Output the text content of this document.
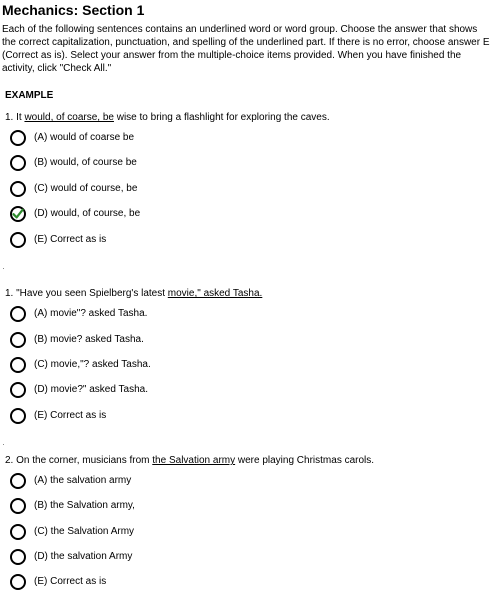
Mechanics: Section 1

Each of the following sentences contains an underlined word or word group. Choose the answer that shows the correct capitalization, punctuation, and spelling of the underlined part. If there is no error, choose answer E (Correct as is). Select your answer from the multiple-choice items provided. When you have finished the activity, click "Check All."

EXAMPLE
1. It would, of coarse, be wise to bring a flashlight for exploring the caves.
(A) would of coarse be
(B) would, of course be
(C) would of course, be
(D) would, of course, be
(E) Correct as is
1. "Have you seen Spielberg's latest movie," asked Tasha.
(A) movie"? asked Tasha.
(B) movie? asked Tasha.
(C) movie,"? asked Tasha.
(D) movie?" asked Tasha.
(E) Correct as is
2. On the corner, musicians from the Salvation army were playing Christmas carols.
(A) the salvation army
(B) the Salvation army,
(C) the Salvation Army
(D) the salvation Army
(E) Correct as is
